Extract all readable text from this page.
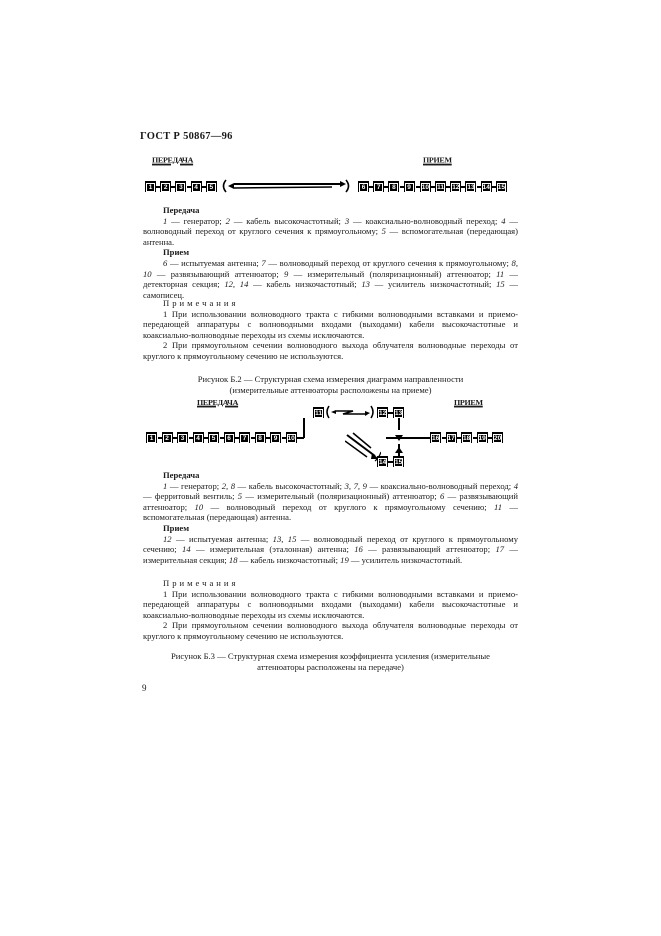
ГОСТ Р 50867—96
ПЕРЕДАЧА	ПРИЕМ

Передача

1 — генератор; 2 — кабель высокочастотный; 3 — коаксиально-волноводный переход; 4 — волноводный переход от круглого сечения к прямоугольному; 5 — вспомогательная (передающая) антенна.

Прием

6 — испытуемая антенна; 7 — волноводный переход от круглого сечения к прямоугольному; 8, 10 — развязывающий аттенюатор; 9 — измерительный (поляризационный) аттенюатор; 11 — детекторная секция; 12, 14 — кабель низкочастотный; 13 — усилитель низкочастотный; 15 — самописец.

Примечания

1 При использовании волноводного тракта с гибкими волноводными вставками и приемо-передающей аппаратуры с волноводными входами (выходами) кабели высокочастотные и коаксиально-волноводные переходы из схемы исключаются.

2 При прямоугольном сечении волноводного выхода облучателя волноводные переходы от круглого к прямоугольному сечению не используются.

Рисунок Б.2 — Структурная схема измерения диаграмм направленности
(измерительные аттенюаторы расположены на приеме)
ПЕРЕДАЧА	ПРИЕМ

Передача

1 — генератор; 2, 8 — кабель высокочастотный; 3, 7, 9 — коаксиально-волноводный переход; 4 — ферритовый вентиль; 5 — измерительный (поляризационный) аттенюатор; 6 — развязывающий аттенюатор; 10 — волноводный переход от круглого к прямоугольному сечению; 11 — вспомогательная (передающая) антенна.

Прием

12 — испытуемая антенна; 13, 15 — волноводный переход от круглого к прямоугольному сечению; 14 — измерительная (эталонная) антенна; 16 — развязывающий аттенюатор; 17 — измерительная секция; 18 — кабель низкочастотный; 19 — усилитель низкочастотный.

Примечания

1 При использовании волноводного тракта с гибкими волноводными вставками и приемо-передающей аппаратуры с волноводными входами (выходами) кабели высокочастотные и коаксиально-волноводные переходы из схемы исключаются.

2 При прямоугольном сечении волноводного выхода облучателя волноводные переходы от круглого к прямоугольному сечению не используются.

Рисунок Б.3 — Структурная схема измерения коэффициента усиления (измерительные аттенюаторы расположены на передаче)
9
1	2	3	4	5	6	7	8	9	10	11	12	13	14	15
1	2	3	4	5	6	7	8	9	10
11	12	13
14	15
16	17	18	19	20
